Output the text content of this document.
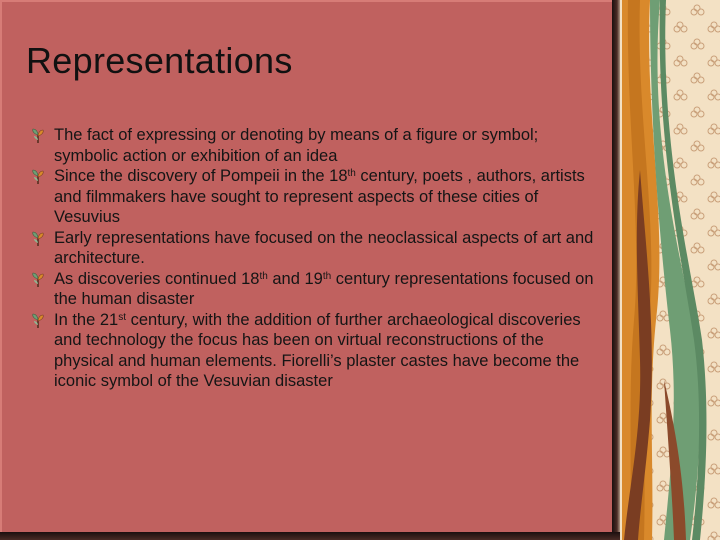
Representations
The fact of expressing or denoting by means of a figure or symbol; symbolic action or exhibition of an idea
Since the discovery of Pompeii in the 18th century, poets , authors, artists and filmmakers have sought to represent aspects of these cities of Vesuvius
Early representations have focused on the neoclassical aspects of art and architecture.
As discoveries continued 18th and 19th century representations focused on the human disaster
In the 21st century, with the addition of further archaeological discoveries and technology the focus has been on virtual reconstructions of the physical and human elements. Fiorelli’s plaster castes have become the iconic symbol of the Vesuvian disaster
